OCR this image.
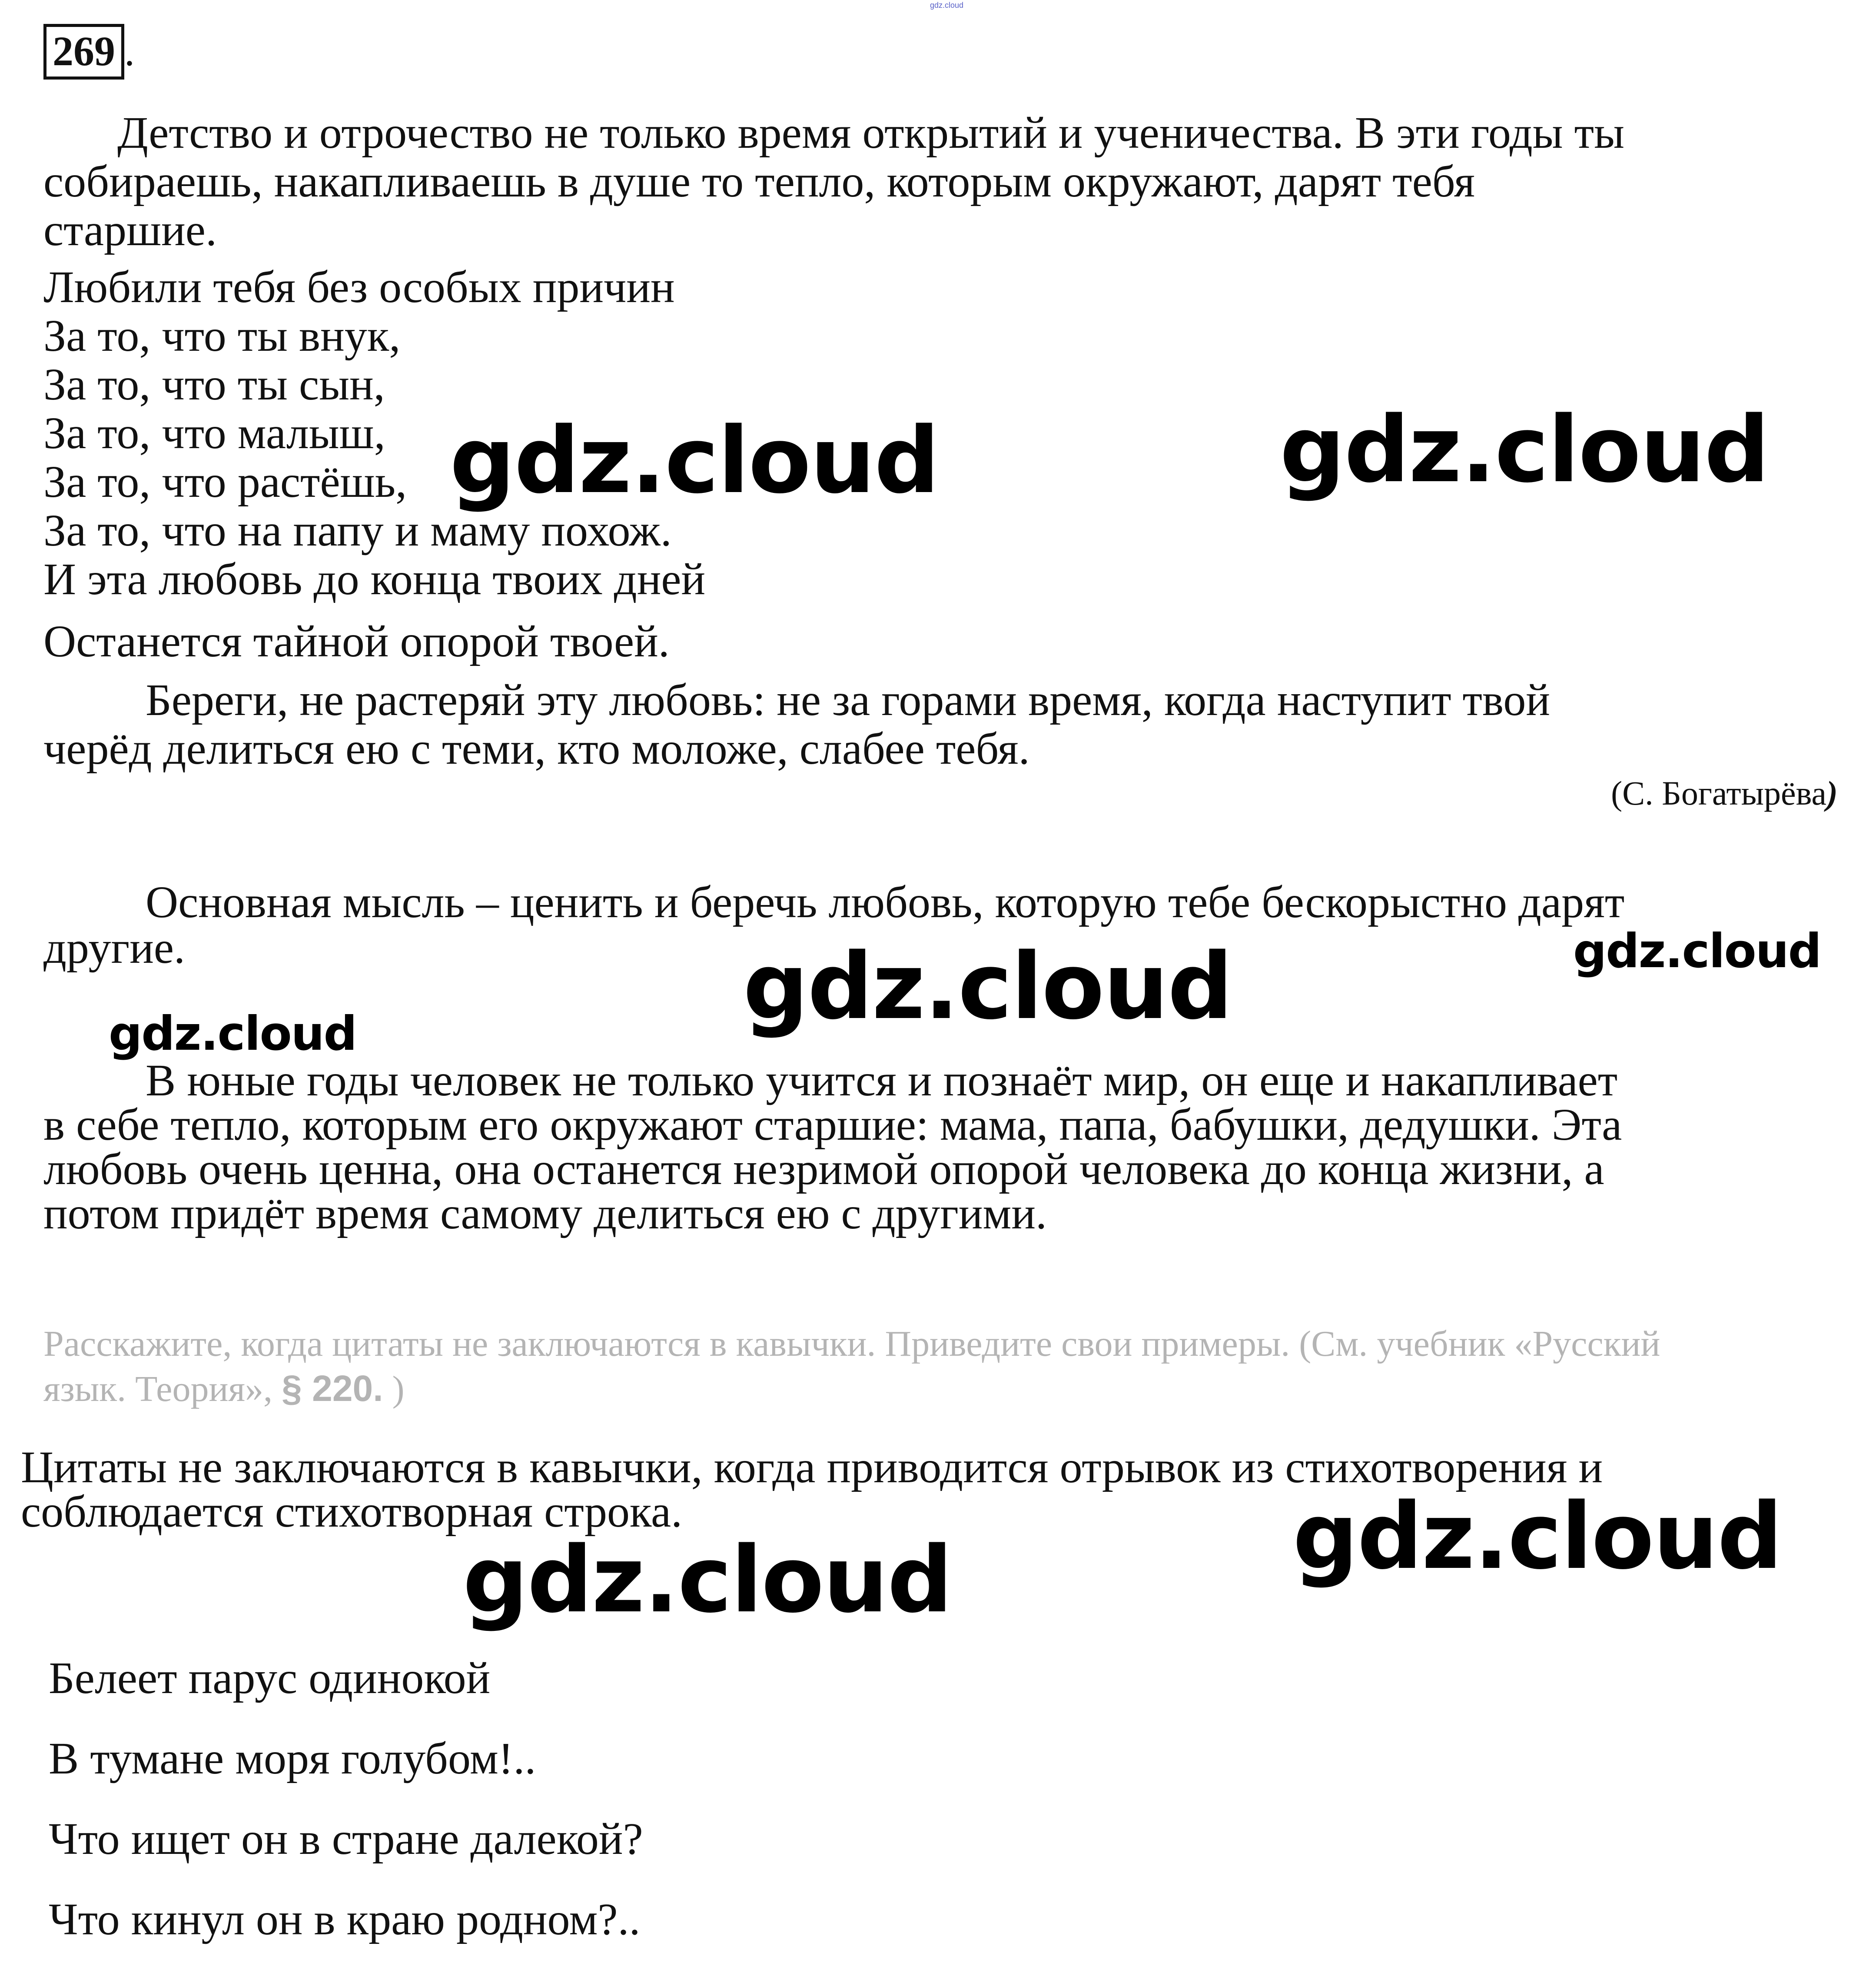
gdz.cloud
269 .
Детство и отрочество не только время открытий и ученичества. В эти годы ты
собираешь, накапливаешь в душе то тепло, которым окружают, дарят тебя
старшие.
Любили тебя без особых причин
За то, что ты внук,
За то, что ты сын,
За то, что малыш,
За то, что растёшь,
За то, что на папу и маму похож.
И эта любовь до конца твоих дней
Останется тайной опорой твоей.
Береги, не растеряй эту любовь: не за горами время, когда наступит твой
черёд делиться ею с теми, кто моложе, слабее тебя.
(С. Богатырёва)
Основная мысль – ценить и беречь любовь, которую тебе бескорыстно дарят
другие.
В юные годы человек не только учится и познаёт мир, он еще и накапливает
в себе тепло, которым его окружают старшие: мама, папа, бабушки, дедушки. Эта
любовь очень ценна, она останется незримой опорой человека до конца жизни, а
потом придёт время самому делиться ею с другими.
Расскажите, когда цитаты не заключаются в кавычки. Приведите свои примеры. (См. учебник «Русский
язык. Теория», § 220. )
Цитаты не заключаются в кавычки, когда приводится отрывок из стихотворения и
соблюдается стихотворная строка.
Белеет парус одинокой
В тумане моря голубом!..
Что ищет он в стране далекой?
Что кинул он в краю родном?..
gdz.cloud	gdz.cloud
gdz.cloud
gdz.cloud
gdz.cloud
gdz.cloud
gdz.cloud
